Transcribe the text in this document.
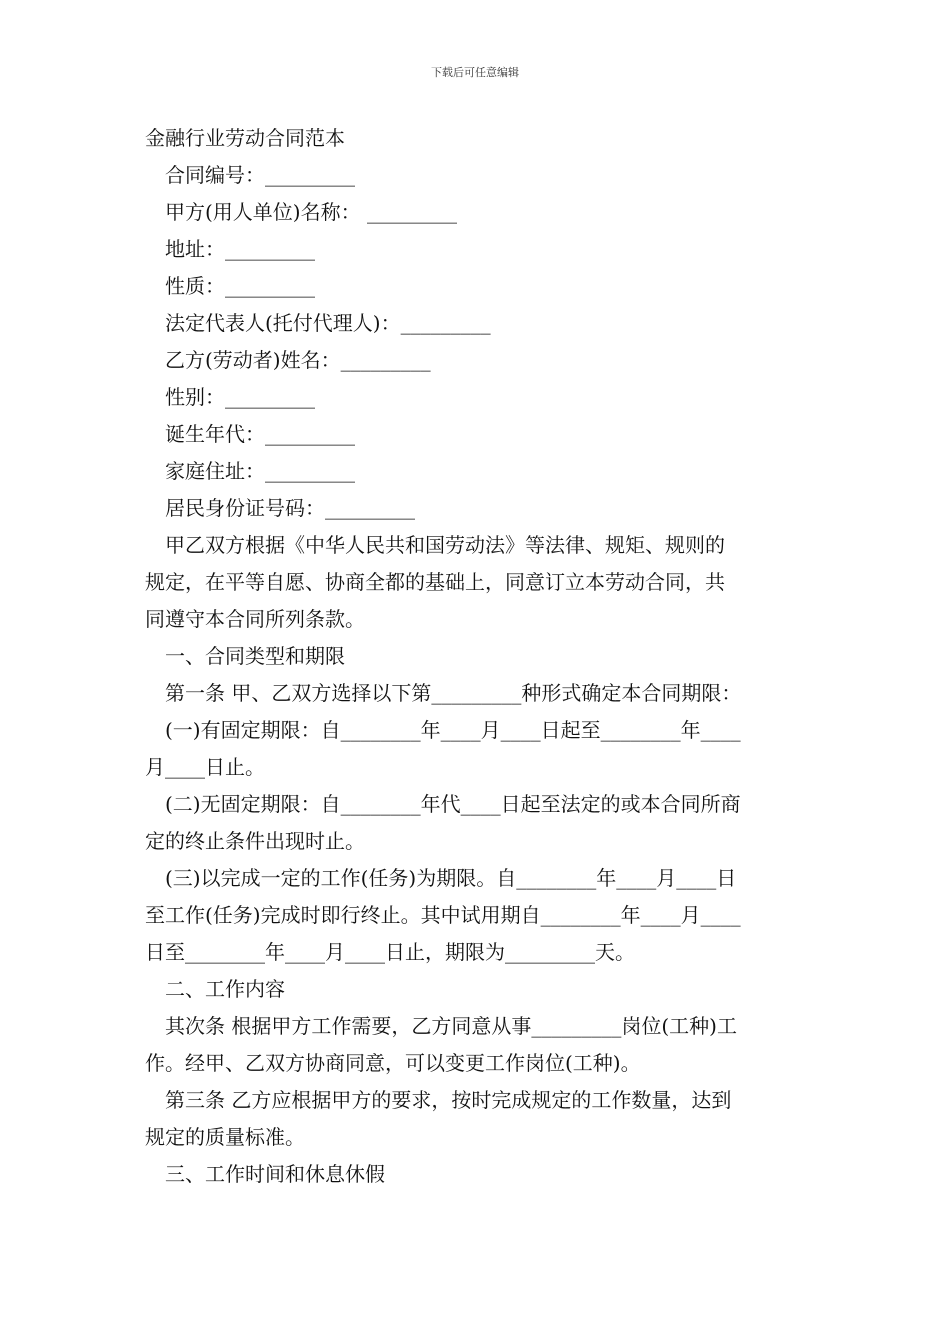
下载后可任意编辑
金融行业劳动合同范本
合同编号：_________
甲方(用人单位)名称： _________
地址：_________
性质：_________
法定代表人(托付代理人)：_________
乙方(劳动者)姓名：_________
性别：_________
诞生年代：_________
家庭住址：_________
居民身份证号码：_________
甲乙双方根据《中华人民共和国劳动法》等法律、规矩、规则的
规定，在平等自愿、协商全都的基础上，同意订立本劳动合同，共
同遵守本合同所列条款。
一、合同类型和期限
第一条 甲、乙双方选择以下第_________种形式确定本合同期限：
(一)有固定期限：自________年____月____日起至________年____
月____日止。
(二)无固定期限：自________年代____日起至法定的或本合同所商
定的终止条件出现时止。
(三)以完成一定的工作(任务)为期限。自________年____月____日
至工作(任务)完成时即行终止。其中试用期自________年____月____
日至________年____月____日止，期限为_________天。
二、工作内容
其次条 根据甲方工作需要，乙方同意从事_________岗位(工种)工
作。经甲、乙双方协商同意，可以变更工作岗位(工种)。
第三条 乙方应根据甲方的要求，按时完成规定的工作数量，达到
规定的质量标准。
三、工作时间和休息休假
